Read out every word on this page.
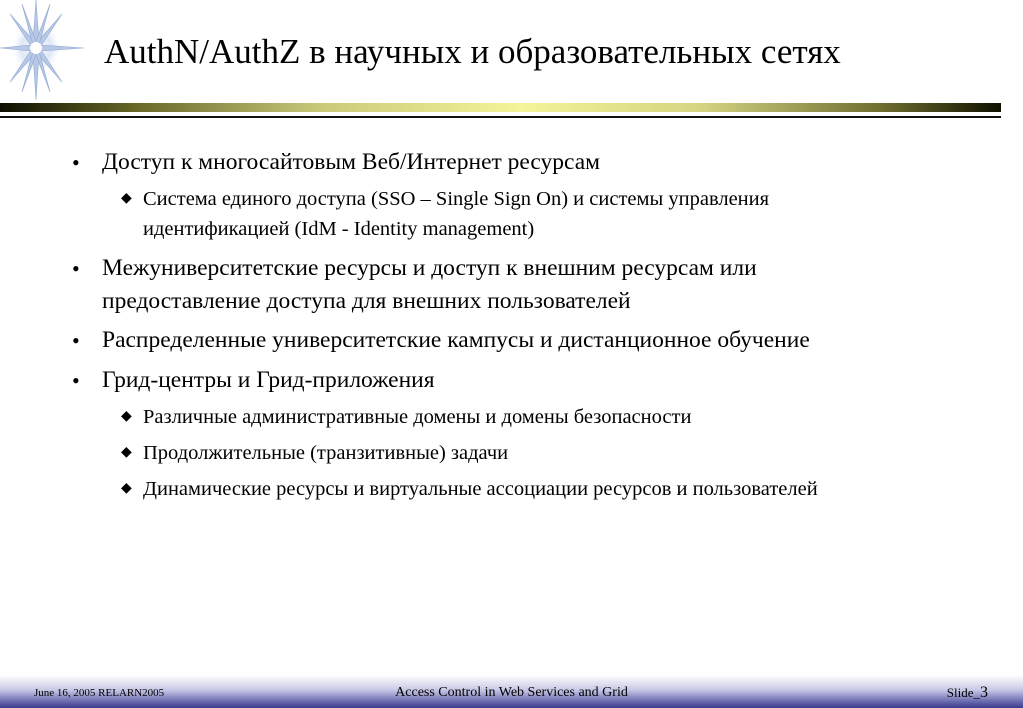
AuthN/AuthZ в научных и образовательных сетях
• Доступ к многосайтовым Веб/Интернет ресурсам
◆ Система единого доступа (SSO – Single Sign On) и системы управления
идентификацией (IdM - Identity management)
• Межуниверситетские ресурсы и доступ к внешним ресурсам или
предоставление доступа для внешних пользователей
• Распределенные университетские кампусы и дистанционное обучение
• Грид-центры и Грид-приложения
◆ Различные административные домены и домены безопасности
◆ Продолжительные (транзитивные) задачи
◆ Динамические ресурсы и виртуальные ассоциации ресурсов и пользователей
June 16, 2005 RELARN2005	Access Control in Web Services and Grid	Slide_3
